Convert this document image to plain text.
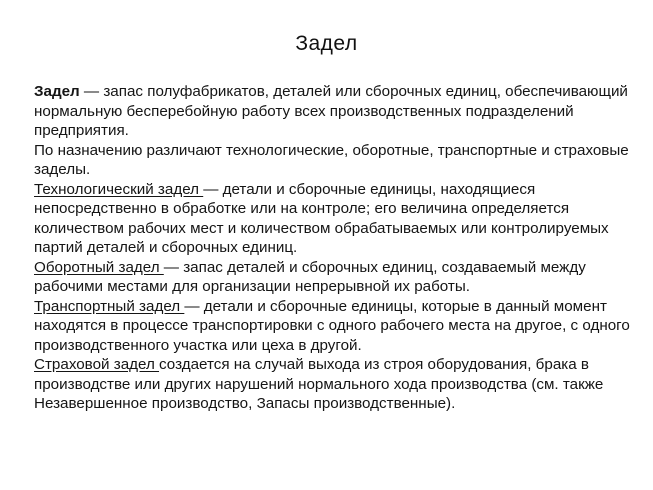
Задел

Задел — запас полуфабрикатов, деталей или сборочных единиц, обеспечивающий нормальную бесперебойную работу всех производственных подразделений предприятия.

По назначению различают технологические, оборотные, транспортные и страховые заделы.

Технологический задел — детали и сборочные единицы, находящиеся непосредственно в обработке или на контроле; его величина определяется количеством рабочих мест и количеством обрабатываемых или контролируемых партий деталей и сборочных единиц.

Оборотный задел — запас деталей и сборочных единиц, создаваемый между рабочими местами для организации непрерывной их работы.

Транспортный задел — детали и сборочные единицы, которые в данный момент находятся в процессе транспортировки с одного рабочего места на другое, с одного производственного участка или цеха в другой.

Страховой задел создается на случай выхода из строя оборудования, брака в производстве или других нарушений нормального хода производства (см. также Незавершенное производство, Запасы производственные).
